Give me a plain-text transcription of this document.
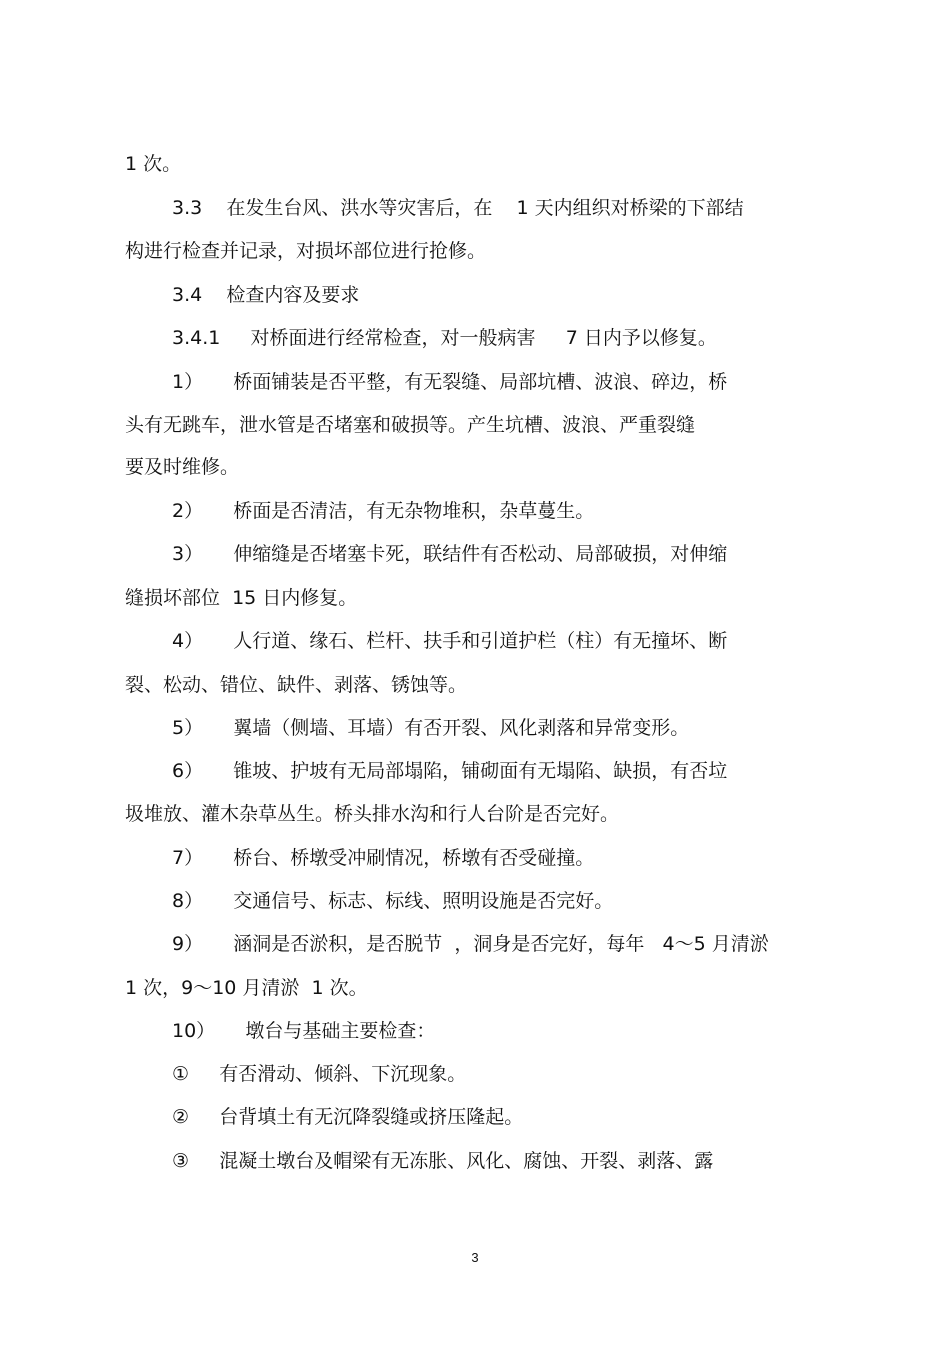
1 次。
3.3    在发生台风、洪水等灾害后，在    1 天内组织对桥梁的下部结
构进行检查并记录，对损坏部位进行抢修。
3.4    检查内容及要求
3.4.1     对桥面进行经常检查，对一般病害     7 日内予以修复。
1）     桥面铺装是否平整，有无裂缝、局部坑槽、波浪、碎边，桥
头有无跳车，泄水管是否堵塞和破损等。产生坑槽、波浪、严重裂缝
要及时维修。
2）     桥面是否清洁，有无杂物堆积，杂草蔓生。
3）     伸缩缝是否堵塞卡死，联结件有否松动、局部破损，对伸缩
缝损坏部位  15 日内修复。
4）     人行道、缘石、栏杆、扶手和引道护栏（柱）有无撞坏、断
裂、松动、错位、缺件、剥落、锈蚀等。
5）     翼墙（侧墙、耳墙）有否开裂、风化剥落和异常变形。
6）     锥坡、护坡有无局部塌陷，铺砌面有无塌陷、缺损，有否垃
圾堆放、灌木杂草丛生。桥头排水沟和行人台阶是否完好。
7）     桥台、桥墩受冲刷情况，桥墩有否受碰撞。
8）     交通信号、标志、标线、照明设施是否完好。
9）     涵洞是否淤积，是否脱节  ，洞身是否完好，每年   4～5 月清淤
1 次，9～10 月清淤  1 次。
10）     墩台与基础主要检查：
①     有否滑动、倾斜、下沉现象。
②     台背填土有无沉降裂缝或挤压隆起。
③     混凝土墩台及帽梁有无冻胀、风化、腐蚀、开裂、剥落、露
3
